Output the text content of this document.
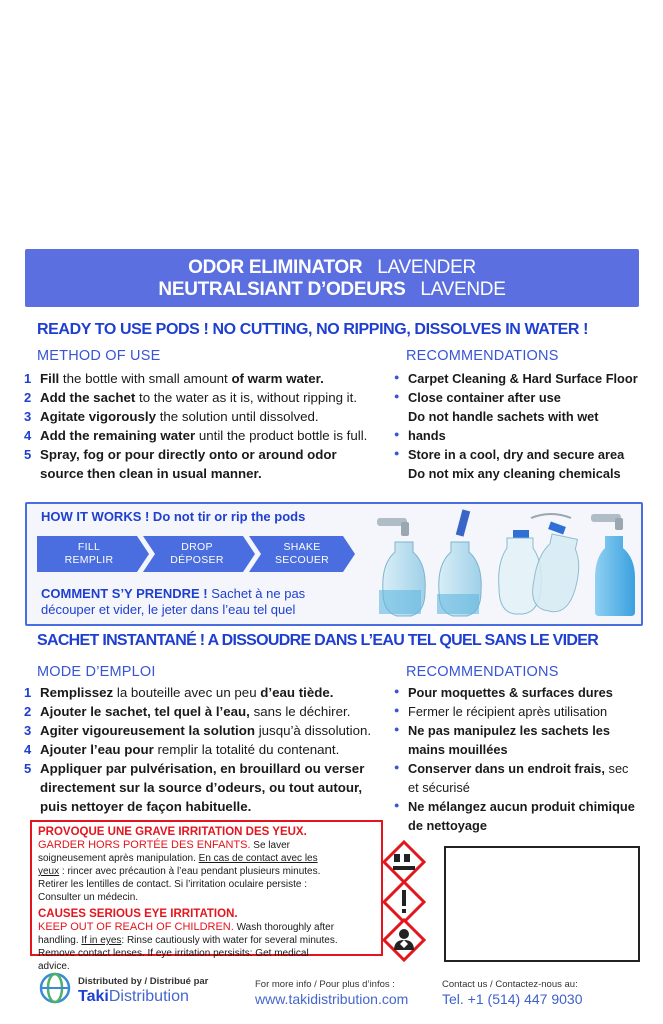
ODOR ELIMINATOR LAVENDER
NEUTRALSIANT D’ODEURS LAVENDE
READY TO USE PODS ! NO CUTTING, NO RIPPING, DISSOLVES IN WATER !
METHOD OF USE
1 Fill the bottle with small amount of warm water.
2 Add the sachet to the water as it is, without ripping it.
3 Agitate vigorously the solution until dissolved.
4 Add the remaining water until the product bottle is full.
5 Spray, fog or pour directly onto or around odor source then clean in usual manner.
RECOMMENDATIONS
● Carpet Cleaning & Hard Surface Floor
● Close container after use
Do not handle sachets with wet
● hands
● Store in a cool, dry and secure area
Do not mix any cleaning chemicals
HOW IT WORKS ! Do not tir or rip the pods
FILL
REMPLIR
DROP
DÉPOSER
SHAKE
SECOUER
COMMENT S’Y PRENDRE ! Sachet à ne pas
découper et vider, le jeter dans l’eau tel quel
SACHET INSTANTANÉ ! A DISSOUDRE DANS L’EAU TEL QUEL SANS LE VIDER
MODE D’EMPLOI
1 Remplissez la bouteille avec un peu d’eau tiède.
2 Ajouter le sachet, tel quel à l’eau, sans le déchirer.
3 Agiter vigoureusement la solution jusqu’à dissolution.
4 Ajouter l’eau pour remplir la totalité du contenant.
5 Appliquer par pulvérisation, en brouillard ou verser directement sur la source d’odeurs, ou tout autour, puis nettoyer de façon habituelle.
RECOMMENDATIONS
● Pour moquettes & surfaces dures
● Fermer le récipient après utilisation
● Ne pas manipulez les sachets les mains mouillées
● Conserver dans un endroit frais, sec et sécurisé
● Ne mélangez aucun produit chimique de nettoyage
PROVOQUE UNE GRAVE IRRITATION DES YEUX.
GARDER HORS PORTÉE DES ENFANTS. Se laver soigneusement après manipulation. En cas de contact avec les yeux : rincer avec précaution à l’eau pendant plusieurs minutes. Retirer les lentilles de contact. Si l’irritation oculaire persiste : Consulter un médecin.
CAUSES SERIOUS EYE IRRITATION.
KEEP OUT OF REACH OF CHILDREN. Wash thoroughly after handling. If in eyes: Rinse cautiously with water for several minutes. Remove contact lenses. If eye irritation persisits: Get medical advice.
Distributed by / Distribué par
TakiDistribution
For more info / Pour plus d’infos :
www.takidistribution.com
Contact us / Contactez-nous au:
Tel. +1 (514) 447 9030
